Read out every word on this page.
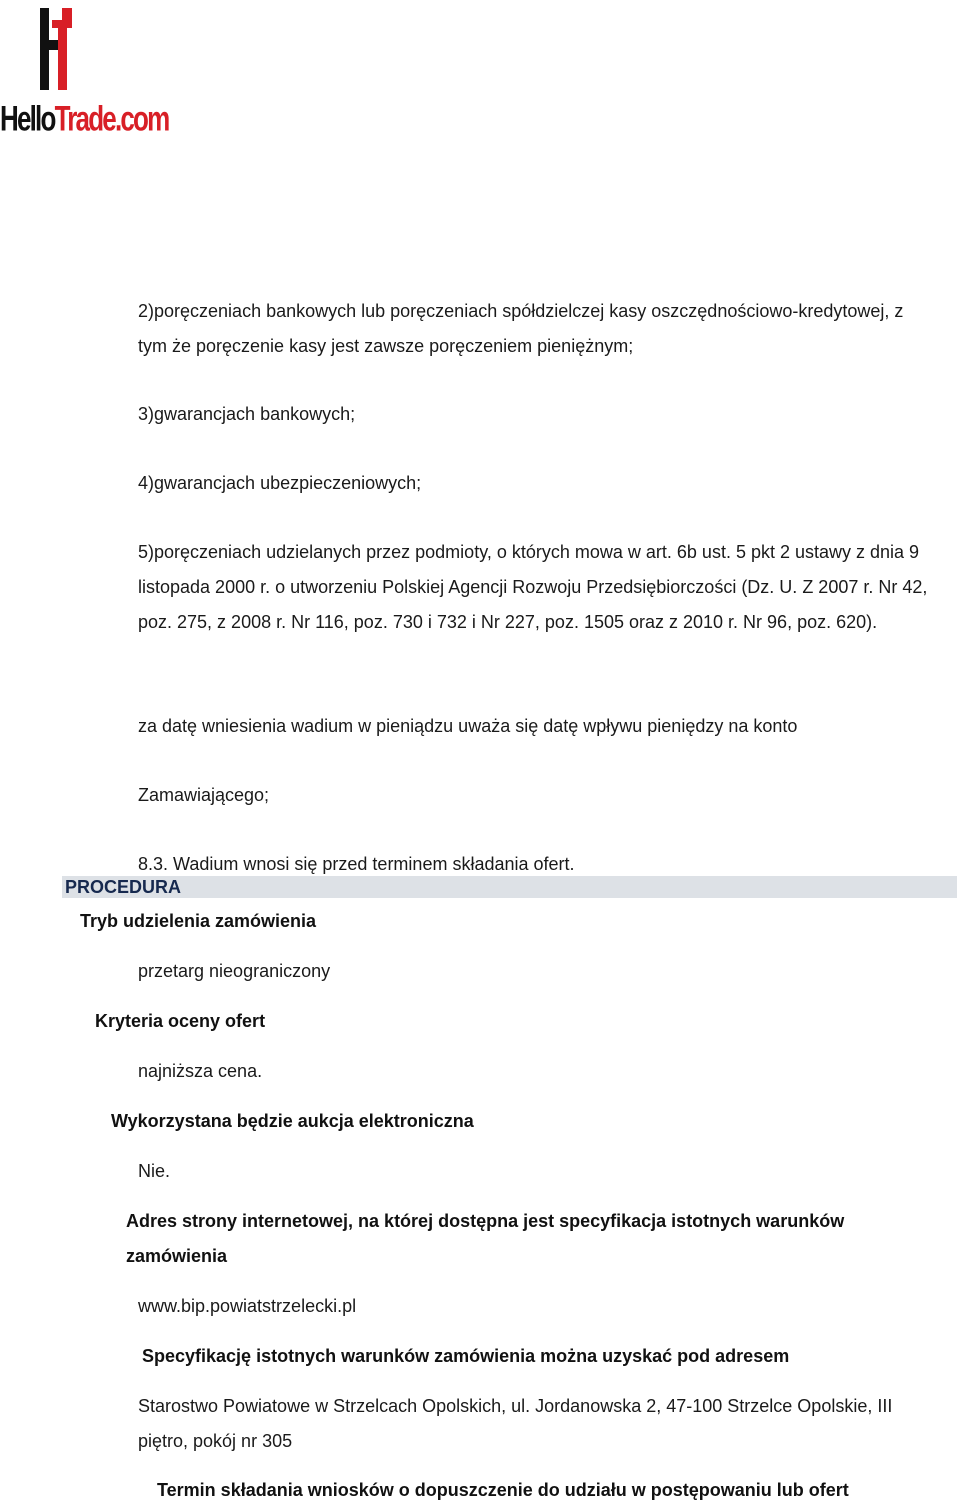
HelloTrade.com
2)poręczeniach bankowych lub poręczeniach spółdzielczej kasy oszczędnościowo-kredytowej, z
tym że poręczenie kasy jest zawsze poręczeniem pieniężnym;
3)gwarancjach bankowych;
4)gwarancjach ubezpieczeniowych;
5)poręczeniach udzielanych przez podmioty, o których mowa w art. 6b ust. 5 pkt 2 ustawy z dnia 9 listopada 2000 r. o utworzeniu Polskiej Agencji Rozwoju Przedsiębiorczości (Dz. U. Z 2007 r. Nr 42, poz. 275, z 2008 r. Nr 116, poz. 730 i 732 i Nr 227, poz. 1505 oraz z 2010 r. Nr 96, poz. 620).
za datę wniesienia wadium w pieniądzu uważa się datę wpływu pieniędzy na konto
Zamawiającego;
8.3. Wadium wnosi się przed terminem składania ofert.
PROCEDURA
Tryb udzielenia zamówienia
przetarg nieograniczony
Kryteria oceny ofert
najniższa cena.
Wykorzystana będzie aukcja elektroniczna
Nie.
Adres strony internetowej, na której dostępna jest specyfikacja istotnych warunków zamówienia
www.bip.powiatstrzelecki.pl
Specyfikację istotnych warunków zamówienia można uzyskać pod adresem
Starostwo Powiatowe w Strzelcach Opolskich, ul. Jordanowska 2, 47-100 Strzelce Opolskie, III piętro, pokój nr 305
Termin składania wniosków o dopuszczenie do udziału w postępowaniu lub ofert
